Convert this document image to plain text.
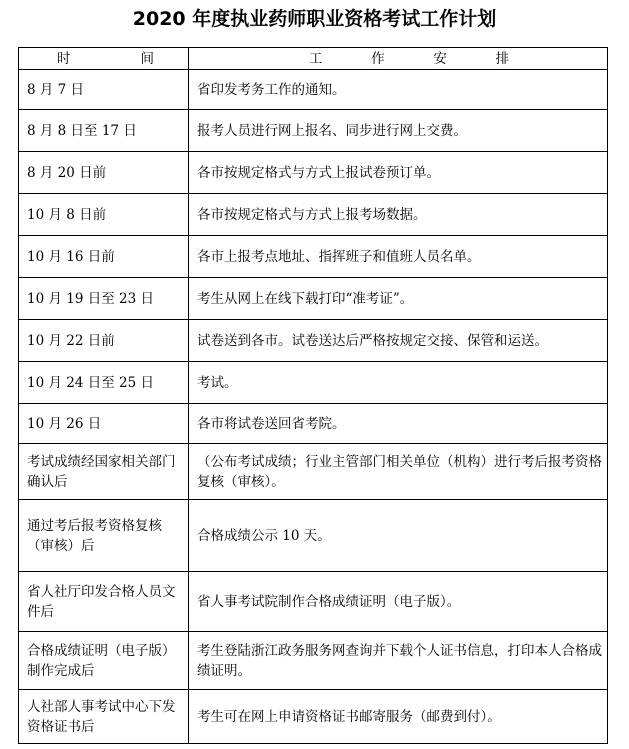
2020 年度执业药师职业资格考试工作计划
时 间	工 作 安 排

8 月 7 日	省印发考务工作的通知。
8 月 8 日至 17 日	报考人员进行网上报名、同步进行网上交费。
8 月 20 日前	各市按规定格式与方式上报试卷预订单。
10 月 8 日前	各市按规定格式与方式上报考场数据。
10 月 16 日前	各市上报考点地址、指挥班子和值班人员名单。
10 月 19 日至 23 日	考生从网上在线下载打印“准考证”。
10 月 22 日前	试卷送到各市。试卷送达后严格按规定交接、保管和运送。
10 月 24 日至 25 日	考试。
10 月 26 日	各市将试卷送回省考院。
考试成绩经国家相关部门确认后	（公布考试成绩；行业主管部门相关单位（机构）进行考后报考资格复核（审核）。
通过考后报考资格复核（审核）后	合格成绩公示 10 天。
省人社厅印发合格人员文件后	省人事考试院制作合格成绩证明（电子版）。
合格成绩证明（电子版）制作完成后	考生登陆浙江政务服务网查询并下载个人证书信息，打印本人合格成绩证明。
人社部人事考试中心下发资格证书后	考生可在网上申请资格证书邮寄服务（邮费到付）。
